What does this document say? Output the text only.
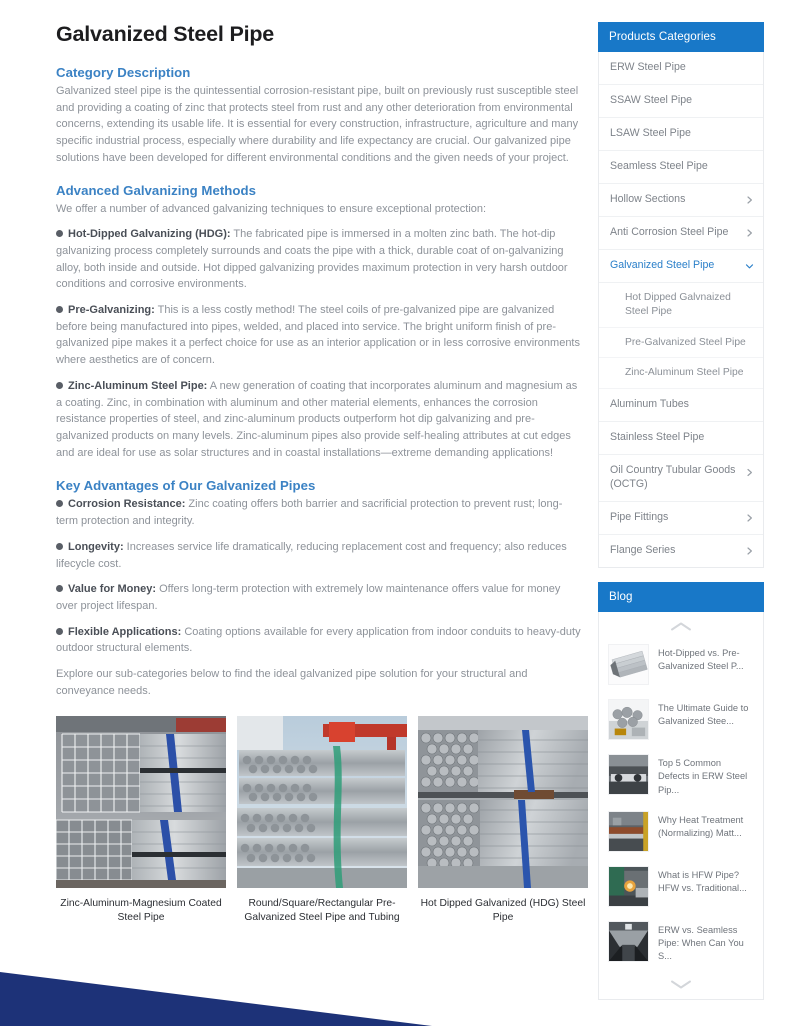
Galvanized Steel Pipe
Category Description

Galvanized steel pipe is the quintessential corrosion-resistant pipe, built on previously rust susceptible steel and providing a coating of zinc that protects steel from rust and any other deterioration from environmental concerns, extending its usable life. It is essential for every construction, infrastructure, agriculture and many specific industrial process, especially where durability and life expectancy are crucial. Our galvanized pipe solutions have been developed for different environmental conditions and the given needs of your project.

Advanced Galvanizing Methods

We offer a number of advanced galvanizing techniques to ensure exceptional protection:

Hot-Dipped Galvanizing (HDG): The fabricated pipe is immersed in a molten zinc bath. The hot-dip galvanizing process completely surrounds and coats the pipe with a thick, durable coat of on-galvanizing alloy, both inside and outside. Hot dipped galvanizing provides maximum protection in very harsh outdoor conditions and corrosive environments.

Pre-Galvanizing: This is a less costly method! The steel coils of pre-galvanized pipe are galvanized before being manufactured into pipes, welded, and placed into service. The bright uniform finish of pre-galvanized pipe makes it a perfect choice for use as an interior application or in less corrosive environments where aesthetics are of concern.

Zinc-Aluminum Steel Pipe: A new generation of coating that incorporates aluminum and magnesium as a coating. Zinc, in combination with aluminum and other material elements, enhances the corrosion resistance properties of steel, and zinc-aluminum products outperform hot dip galvanizing and pre-galvanized products on many levels. Zinc-aluminum pipes also provide self-healing attributes at cut edges and are ideal for use as solar structures and in coastal installations—extreme demanding applications!

Key Advantages of Our Galvanized Pipes

Corrosion Resistance: Zinc coating offers both barrier and sacrificial protection to prevent rust; long-term protection and integrity.

Longevity: Increases service life dramatically, reducing replacement cost and frequency; also reduces lifecycle cost.

Value for Money: Offers long-term protection with extremely low maintenance offers value for money over project lifespan.

Flexible Applications: Coating options available for every application from indoor conduits to heavy-duty outdoor structural elements.

Explore our sub-categories below to find the ideal galvanized pipe solution for your structural and conveyance needs.

Zinc-Aluminum-Magnesium Coated Steel Pipe
Round/Square/Rectangular Pre-Galvanized Steel Pipe and Tubing
Hot Dipped Galvanized (HDG) Steel Pipe
Products Categories
ERW Steel Pipe
SSAW Steel Pipe
LSAW Steel Pipe
Seamless Steel Pipe
Hollow Sections
Anti Corrosion Steel Pipe
Galvanized Steel Pipe
Hot Dipped Galvnaized Steel Pipe
Pre-Galvanized Steel Pipe
Zinc-Aluminum Steel Pipe
Aluminum Tubes
Stainless Steel Pipe
Oil Country Tubular Goods (OCTG)
Pipe Fittings
Flange Series
Blog
Hot-Dipped vs. Pre-Galvanized Steel P...
The Ultimate Guide to Galvanized Stee...
Top 5 Common Defects in ERW Steel Pip...
Why Heat Treatment (Normalizing) Matt...
What is HFW Pipe? HFW vs. Traditional...
ERW vs. Seamless Pipe: When Can You S...
